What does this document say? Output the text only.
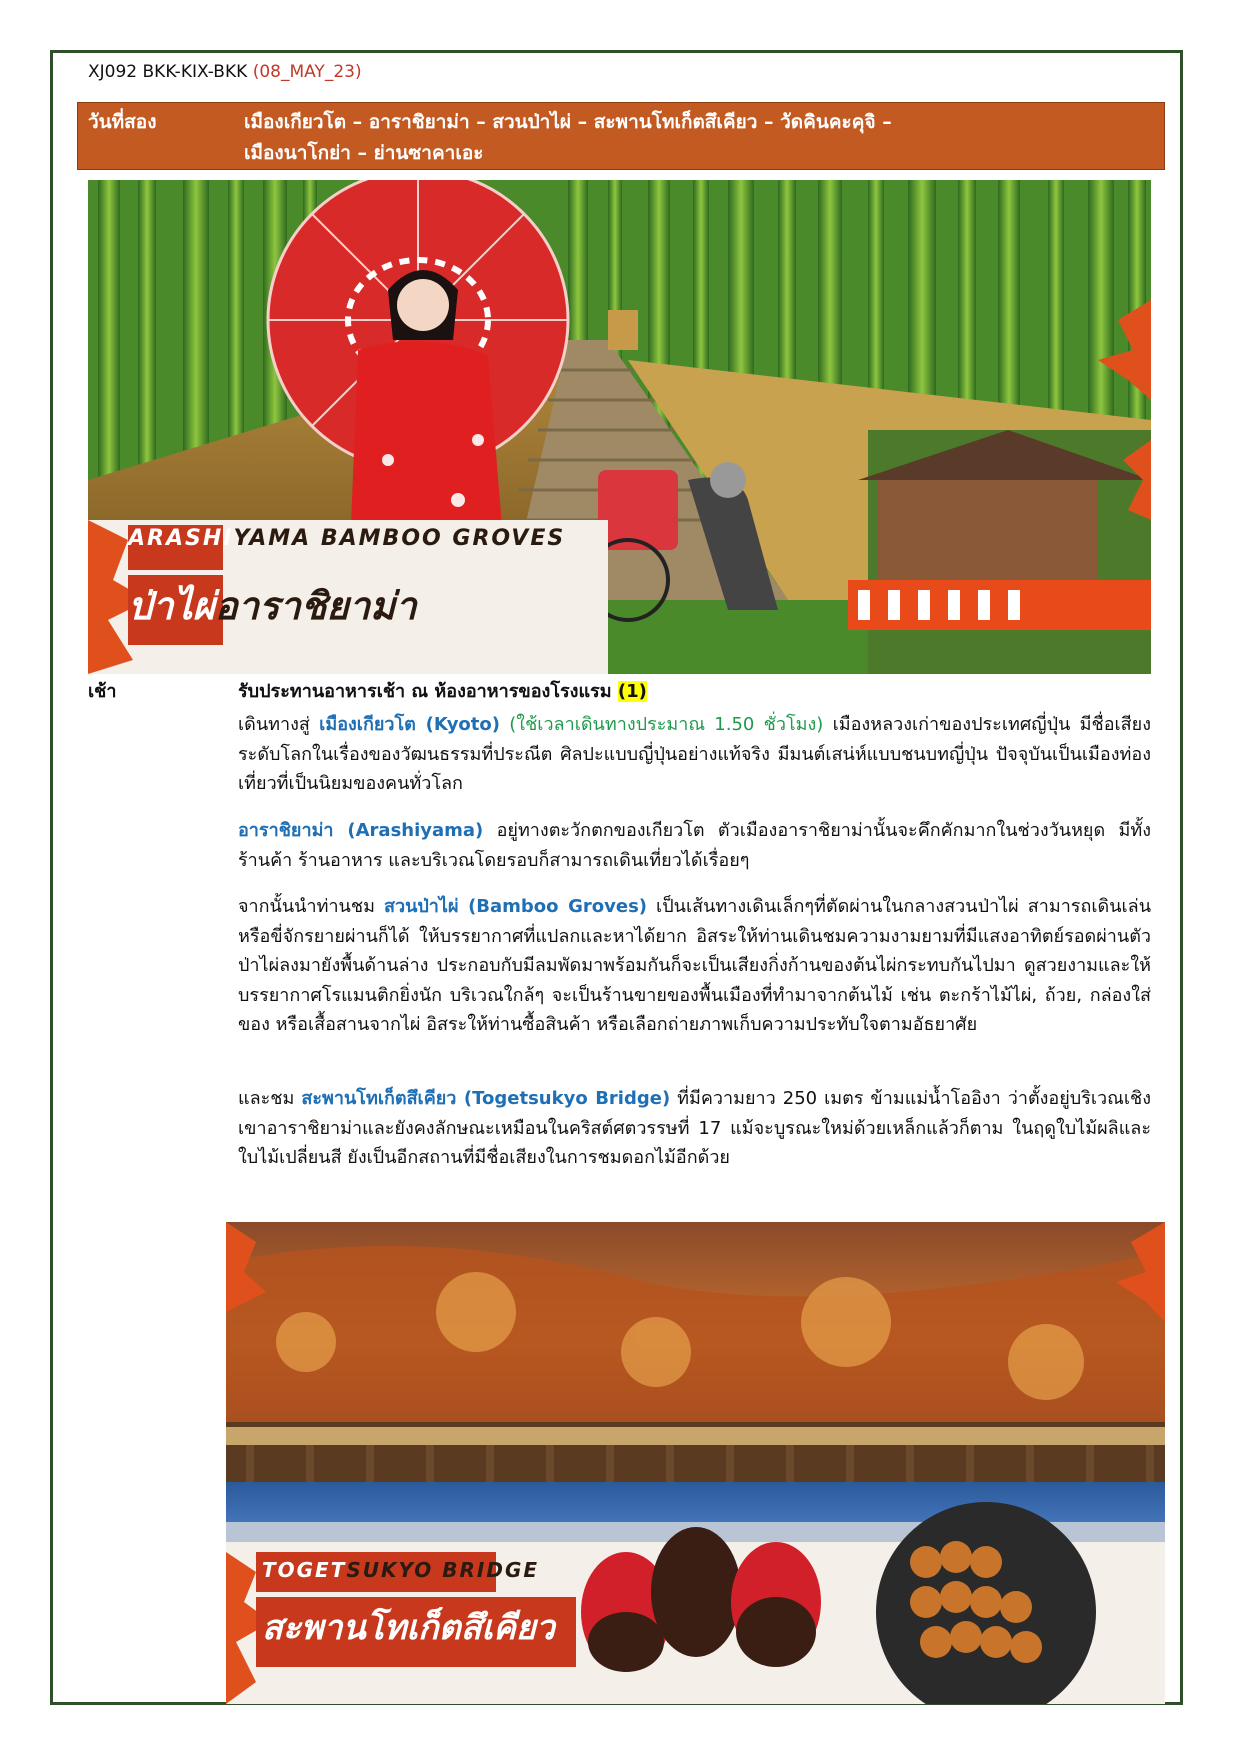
XJ092 BKK-KIX-BKK (08_MAY_23)
วันที่สอง	เมืองเกียวโต – อาราชิยาม่า – สวนป่าไผ่ – สะพานโทเก็ตสึเคียว – วัดคินคะคุจิ –
เมืองนาโกย่า – ย่านซาคาเอะ
ARASHIYAMA BAMBOO GROVES
ป่าไผ่อาราชิยาม่า
เช้า	รับประทานอาหารเช้า ณ ห้องอาหารของโรงแรม (1)
เดินทางสู่ เมืองเกียวโต (Kyoto) (ใช้เวลาเดินทางประมาณ 1.50 ชั่วโมง) เมืองหลวงเก่าของประเทศญี่ปุ่น มีชื่อเสียงระดับโลกในเรื่องของวัฒนธรรมที่ประณีต ศิลปะแบบญี่ปุ่นอย่างแท้จริง มีมนต์เสน่ห์แบบชนบทญี่ปุ่น ปัจจุบันเป็นเมืองท่องเที่ยวที่เป็นนิยมของคนทั่วโลก
อาราชิยาม่า (Arashiyama) อยู่ทางตะวักตกของเกียวโต ตัวเมืองอาราชิยาม่านั้นจะคึกคักมากในช่วงวันหยุด มีทั้งร้านค้า ร้านอาหาร และบริเวณโดยรอบก็สามารถเดินเที่ยวได้เรื่อยๆ
จากนั้นนำท่านชม สวนป่าไผ่ (Bamboo Groves) เป็นเส้นทางเดินเล็กๆที่ตัดผ่านในกลางสวนป่าไผ่ สามารถเดินเล่นหรือขี่จักรยายผ่านก็ได้ ให้บรรยากาศที่แปลกและหาได้ยาก อิสระให้ท่านเดินชมความงามยามที่มีแสงอาทิตย์รอดผ่านตัวป่าไผ่ลงมายังพื้นด้านล่าง ประกอบกับมีลมพัดมาพร้อมกันก็จะเป็นเสียงกิ่งก้านของต้นไผ่กระทบกันไปมา ดูสวยงามและให้บรรยากาศโรแมนติกยิ่งนัก บริเวณใกล้ๆ จะเป็นร้านขายของพื้นเมืองที่ทำมาจากต้นไม้ เช่น ตะกร้าไม้ไผ่, ถ้วย, กล่องใส่ของ หรือเสื้อสานจากไผ่ อิสระให้ท่านซื้อสินค้า หรือเลือกถ่ายภาพเก็บความประทับใจตามอัธยาศัย
และชม สะพานโทเก็ตสึเคียว (Togetsukyo Bridge) ที่มีความยาว 250 เมตร ข้ามแม่น้ำโออิงา ว่าตั้งอยู่บริเวณเชิงเขาอาราชิยาม่าและยังคงลักษณะเหมือนในคริสต์ศตวรรษที่ 17 แม้จะบูรณะใหม่ด้วยเหล็กแล้วก็ตาม ในฤดูใบไม้ผลิและใบไม้เปลี่ยนสี ยังเป็นอีกสถานที่มีชื่อเสียงในการชมดอกไม้อีกด้วย
TOGETSUKYO BRIDGE
สะพานโทเก็ตสึเคียว
